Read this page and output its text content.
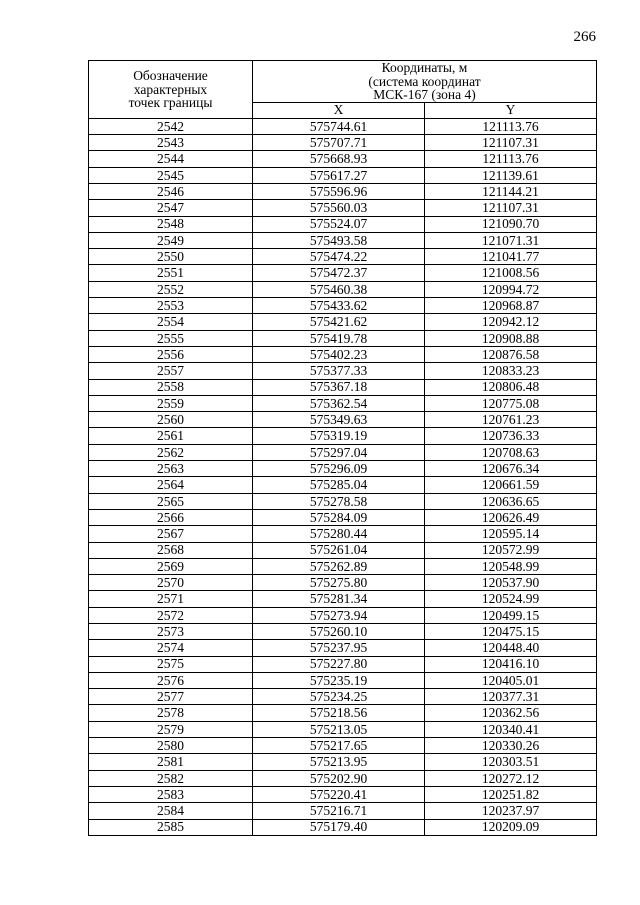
266
Обозначение
характерных
точек границы	Координаты, м
(система координат
МСК-167 (зона 4)	

	X	Y
2542	575744.61	121113.76
2543	575707.71	121107.31
2544	575668.93	121113.76
2545	575617.27	121139.61
2546	575596.96	121144.21
2547	575560.03	121107.31
2548	575524.07	121090.70
2549	575493.58	121071.31
2550	575474.22	121041.77
2551	575472.37	121008.56
2552	575460.38	120994.72
2553	575433.62	120968.87
2554	575421.62	120942.12
2555	575419.78	120908.88
2556	575402.23	120876.58
2557	575377.33	120833.23
2558	575367.18	120806.48
2559	575362.54	120775.08
2560	575349.63	120761.23
2561	575319.19	120736.33
2562	575297.04	120708.63
2563	575296.09	120676.34
2564	575285.04	120661.59
2565	575278.58	120636.65
2566	575284.09	120626.49
2567	575280.44	120595.14
2568	575261.04	120572.99
2569	575262.89	120548.99
2570	575275.80	120537.90
2571	575281.34	120524.99
2572	575273.94	120499.15
2573	575260.10	120475.15
2574	575237.95	120448.40
2575	575227.80	120416.10
2576	575235.19	120405.01
2577	575234.25	120377.31
2578	575218.56	120362.56
2579	575213.05	120340.41
2580	575217.65	120330.26
2581	575213.95	120303.51
2582	575202.90	120272.12
2583	575220.41	120251.82
2584	575216.71	120237.97
2585	575179.40	120209.09
